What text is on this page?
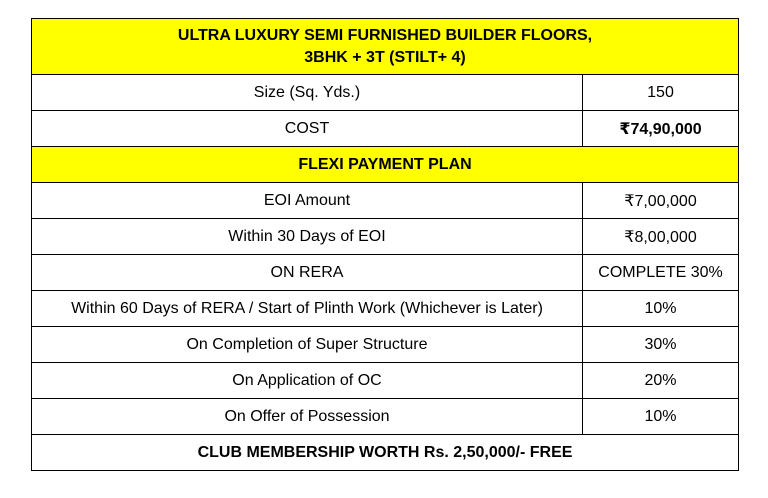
ULTRA LUXURY SEMI FURNISHED BUILDER FLOORS,
3BHK + 3T (STILT+ 4)	

Size (Sq. Yds.)	150
COST	₹74,90,000
FLEXI PAYMENT PLAN	
EOI Amount	₹7,00,000
Within 30 Days of EOI	₹8,00,000
ON RERA	COMPLETE 30%
Within 60 Days of RERA / Start of Plinth Work (Whichever is Later)	10%
On Completion of Super Structure	30%
On Application of OC	20%
On Offer of Possession	10%
CLUB MEMBERSHIP WORTH Rs. 2,50,000/- FREE	
